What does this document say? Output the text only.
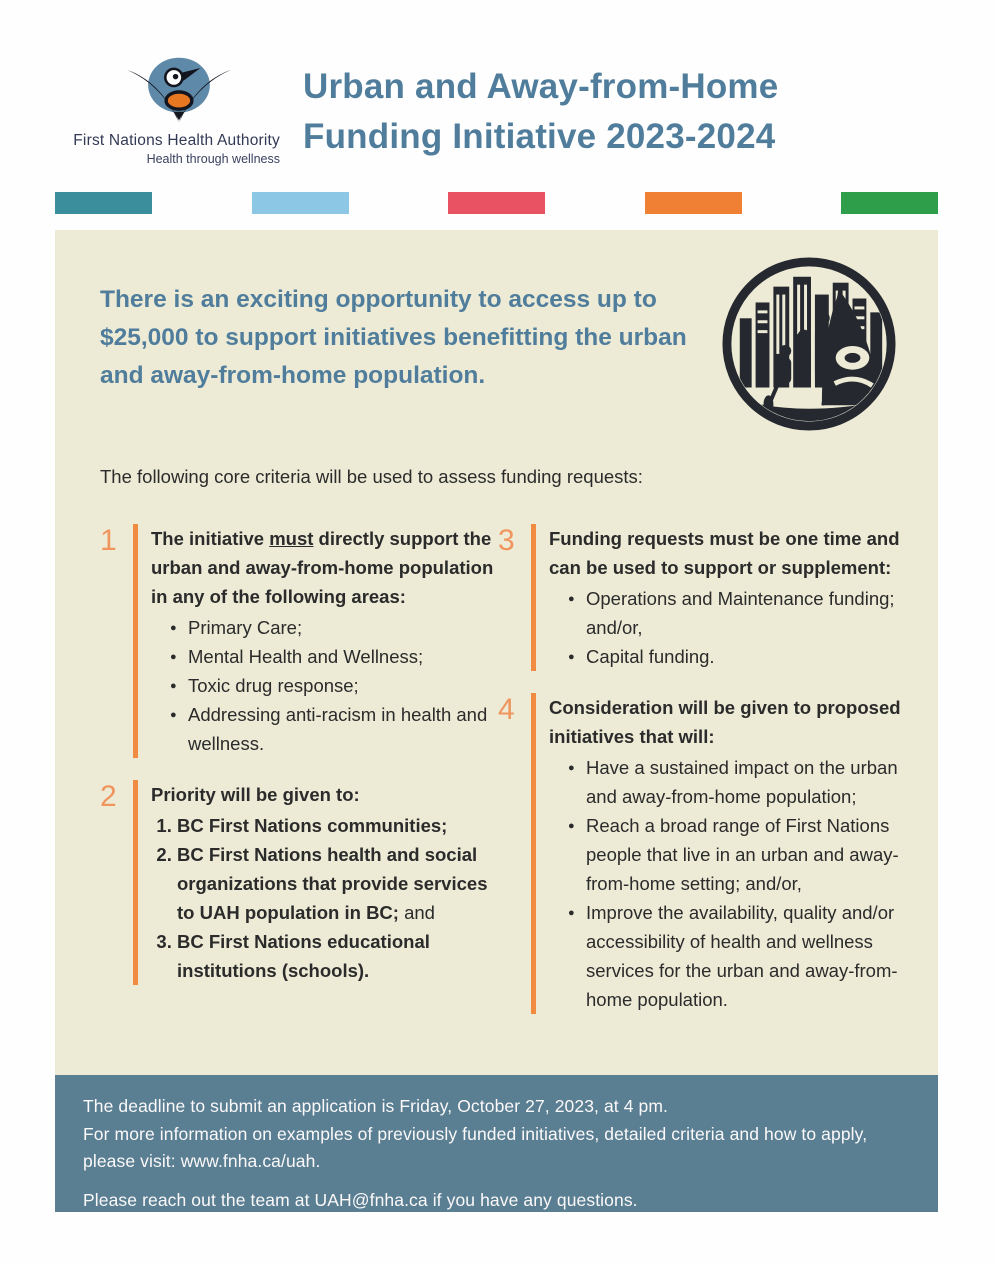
First Nations Health Authority
Health through wellness
Urban and Away-from-Home
Funding Initiative 2023-2024

There is an exciting opportunity to access up to $25,000 to support initiatives benefitting the urban and away-from-home population.

The following core criteria will be used to assess funding requests:

1	The initiative must directly support the urban and away-from-home population in any of the following areas:

● Primary Care;
● Mental Health and Wellness;
● Toxic drug response;
● Addressing anti-racism in health and wellness.
2	Priority will be given to:

1. BC First Nations communities;
2. BC First Nations health and social organizations that provide services to UAH population in BC; and
3. BC First Nations educational institutions (schools).
3	Funding requests must be one time and can be used to support or supplement:

● Operations and Maintenance funding; and/or,
● Capital funding.
4	Consideration will be given to proposed initiatives that will:

● Have a sustained impact on the urban and away-from-home population;
● Reach a broad range of First Nations people that live in an urban and away-from-home setting; and/or,
● Improve the availability, quality and/or accessibility of health and wellness services for the urban and away-from-home population.

The deadline to submit an application is Friday, October 27, 2023, at 4 pm.

For more information on examples of previously funded initiatives, detailed criteria and how to apply, please visit: www.fnha.ca/uah.

Please reach out the team at UAH@fnha.ca if you have any questions.
